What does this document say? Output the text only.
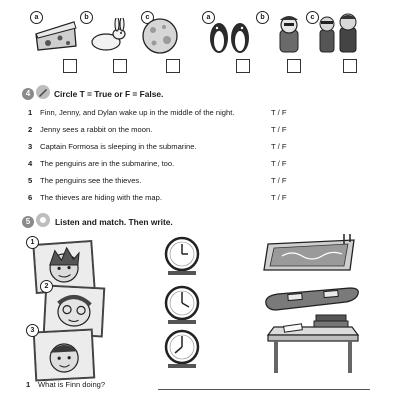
a	b	c	a	b	c
4	Circle T = True or F = False.
1 Finn, Jenny, and Dylan wake up in the middle of the night.	T / F
2 Jenny sees a rabbit on the moon.	T / F
3 Captain Formosa is sleeping in the submarine.	T / F
4 The penguins are in the submarine, too.	T / F
5 The penguins see the thieves.	T / F
6 The thieves are hiding with the map.	T / F
5	Listen and match. Then write.
1
2
3
1 What is Finn doing?
